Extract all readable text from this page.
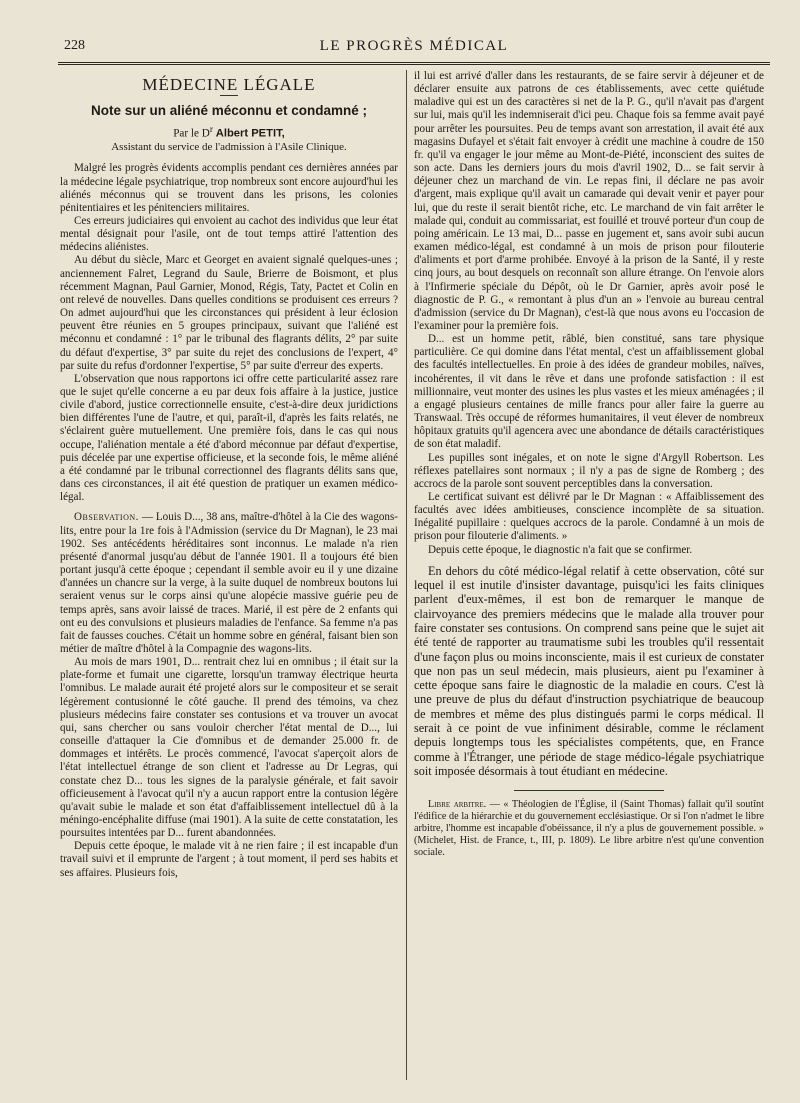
228	LE PROGRÈS MÉDICAL
MÉDECINE LÉGALE
Note sur un aliéné méconnu et condamné ;
Par le $D^r$ Albert PETIT,
Assistant du service de l'admission à l'Asile Clinique.

Malgré les progrès évidents accomplis pendant ces dernières années par la médecine légale psychiatrique, trop nombreux sont encore aujourd'hui les aliénés méconnus qui se trouvent dans les prisons, les colonies pénitentiaires et les pénitenciers militaires.

Ces erreurs judiciaires qui envoient au cachot des individus que leur état mental désignait pour l'asile, ont de tout temps attiré l'attention des médecins aliénistes.

Au début du siècle, Marc et Georget en avaient signalé quelques-unes ; anciennement Falret, Legrand du Saule, Brierre de Boismont, et plus récemment Magnan, Paul Garnier, Monod, Régis, Taty, Pactet et Colin en ont relevé de nouvelles. Dans quelles conditions se produisent ces erreurs ? On admet aujourd'hui que les circonstances qui président à leur éclosion peuvent être réunies en 5 groupes principaux, suivant que l'aliéné est méconnu et condamné : 1° par le tribunal des flagrants délits, 2° par suite du défaut d'expertise, 3° par suite du rejet des conclusions de l'expert, 4° par suite du refus d'ordonner l'expertise, 5° par suite d'erreur des experts.

L'observation que nous rapportons ici offre cette particularité assez rare que le sujet qu'elle concerne a eu par deux fois affaire à la justice, justice civile d'abord, justice correctionnelle ensuite, c'est-à-dire deux juridictions bien différentes l'une de l'autre, et qui, paraît-il, d'après les faits relatés, ne s'éclairent guère mutuellement. Une première fois, dans le cas qui nous occupe, l'aliénation mentale a été d'abord méconnue par défaut d'expertise, puis décelée par une expertise officieuse, et la seconde fois, le même aliéné a été condamné par le tribunal correctionnel des flagrants délits sans que, dans ces circonstances, il ait été question de pratiquer un examen médico-légal.

Observation. — Louis D..., 38 ans, maître-d'hôtel à la Cie des wagons-lits, entre pour la 1re fois à l'Admission (service du Dr Magnan), le 23 mai 1902. Ses antécédents héréditaires sont inconnus. Le malade n'a rien présenté d'anormal jusqu'au début de l'année 1901. Il a toujours été bien portant jusqu'à cette époque ; cependant il semble avoir eu il y une dizaine d'années un chancre sur la verge, à la suite duquel de nombreux boutons lui seraient venus sur le corps ainsi qu'une alopécie massive guérie peu de temps après, sans avoir laissé de traces. Marié, il est père de 2 enfants qui ont eu des convulsions et plusieurs maladies de l'enfance. Sa femme n'a pas fait de fausses couches. C'était un homme sobre en général, faisant bien son métier de maître d'hôtel à la Compagnie des wagons-lits.

Au mois de mars 1901, D... rentrait chez lui en omnibus ; il était sur la plate-forme et fumait une cigarette, lorsqu'un tramway électrique heurta l'omnibus. Le malade aurait été projeté alors sur le compositeur et se serait légèrement contusionné le côté gauche. Il prend des témoins, va chez plusieurs médecins faire constater ses contusions et va trouver un avocat qui, sans chercher ou sans vouloir chercher l'état mental de D..., lui conseille d'attaquer la Cie d'omnibus et de demander 25.000 fr. de dommages et intérêts. Le procès commencé, l'avocat s'aperçoit alors de l'état intellectuel étrange de son client et l'adresse au Dr Legras, qui constate chez D... tous les signes de la paralysie générale, et fait savoir officieusement à l'avocat qu'il n'y a aucun rapport entre la contusion légère qu'avait subie le malade et son état d'affaiblissement intellectuel dû à la méningo-encéphalite diffuse (mai 1901). A la suite de cette constatation, les poursuites intentées par D... furent abandonnées.

Depuis cette époque, le malade vit à ne rien faire ; il est incapable d'un travail suivi et il emprunte de l'argent ; à tout moment, il perd ses habits et ses affaires. Plusieurs fois,

il lui est arrivé d'aller dans les restaurants, de se faire servir à déjeuner et de déclarer ensuite aux patrons de ces établissements, avec cette quiétude maladive qui est un des caractères si net de la P. G., qu'il n'avait pas d'argent sur lui, mais qu'il les indemniserait d'ici peu. Chaque fois sa femme avait payé pour arrêter les poursuites. Peu de temps avant son arrestation, il avait été aux magasins Dufayel et s'était fait envoyer à crédit une machine à coudre de 150 fr. qu'il va engager le jour même au Mont-de-Piété, inconscient des suites de son acte. Dans les derniers jours du mois d'avril 1902, D... se fait servir à déjeuner chez un marchand de vin. Le repas fini, il déclare ne pas avoir d'argent, mais explique qu'il avait un camarade qui devait venir et payer pour lui, que du reste il serait bientôt riche, etc. Le marchand de vin fait arrêter le malade qui, conduit au commissariat, est fouillé et trouvé porteur d'un coup de poing américain. Le 13 mai, D... passe en jugement et, sans avoir subi aucun examen médico-légal, est condamné à un mois de prison pour filouterie d'aliments et port d'arme prohibée. Envoyé à la prison de la Santé, il y reste cinq jours, au bout desquels on reconnaît son allure étrange. On l'envoie alors à l'Infirmerie spéciale du Dépôt, où le Dr Garnier, après avoir posé le diagnostic de P. G., « remontant à plus d'un an » l'envoie au bureau central d'admission (service du Dr Magnan), c'est-là que nous avons eu l'occasion de l'examiner pour la première fois.

D... est un homme petit, râblé, bien constitué, sans tare physique particulière. Ce qui domine dans l'état mental, c'est un affaiblissement global des facultés intellectuelles. En proie à des idées de grandeur mobiles, naïves, incohérentes, il vit dans le rêve et dans une profonde satisfaction : il est millionnaire, veut monter des usines les plus vastes et les mieux aménagées ; il a engagé plusieurs centaines de mille francs pour aller faire la guerre au Transwaal. Très occupé de réformes humanitaires, il veut élever de nombreux hôpitaux gratuits qu'il agencera avec une abondance de détails caractéristiques de son état maladif.

Les pupilles sont inégales, et on note le signe d'Argyll Robertson. Les réflexes patellaires sont normaux ; il n'y a pas de signe de Romberg ; des accrocs de la parole sont souvent perceptibles dans la conversation.

Le certificat suivant est délivré par le Dr Magnan : « Affaiblissement des facultés avec idées ambitieuses, conscience incomplète de sa situation. Inégalité pupillaire : quelques accrocs de la parole. Condamné à un mois de prison pour filouterie d'aliments. »

Depuis cette époque, le diagnostic n'a fait que se confirmer.

En dehors du côté médico-légal relatif à cette observation, côté sur lequel il est inutile d'insister davantage, puisqu'ici les faits cliniques parlent d'eux-mêmes, il est bon de remarquer le manque de clairvoyance des premiers médecins que le malade alla trouver pour faire constater ses contusions. On comprend sans peine que le sujet ait été tenté de rapporter au traumatisme subi les troubles qu'il ressentait d'une façon plus ou moins inconsciente, mais il est curieux de constater que non pas un seul médecin, mais plusieurs, aient pu l'examiner à cette époque sans faire le diagnostic de la maladie en cours. C'est là une preuve de plus du défaut d'instruction psychiatrique de beaucoup de membres et même des plus distingués parmi le corps médical. Il serait à ce point de vue infiniment désirable, comme le réclament depuis longtemps tous les spécialistes compétents, que, en France comme à l'Étranger, une période de stage médico-légale psychiatrique soit imposée désormais à tout étudiant en médecine.

Libre arbitre. — « Théologien de l'Église, il (Saint Thomas) fallait qu'il soutînt l'édifice de la hiérarchie et du gouvernement ecclésiastique. Or si l'on n'admet le libre arbitre, l'homme est incapable d'obéissance, il n'y a plus de gouvernement possible. » (Michelet, Hist. de France, t., III, p. 1809). Le libre arbitre n'est qu'une convention sociale.
